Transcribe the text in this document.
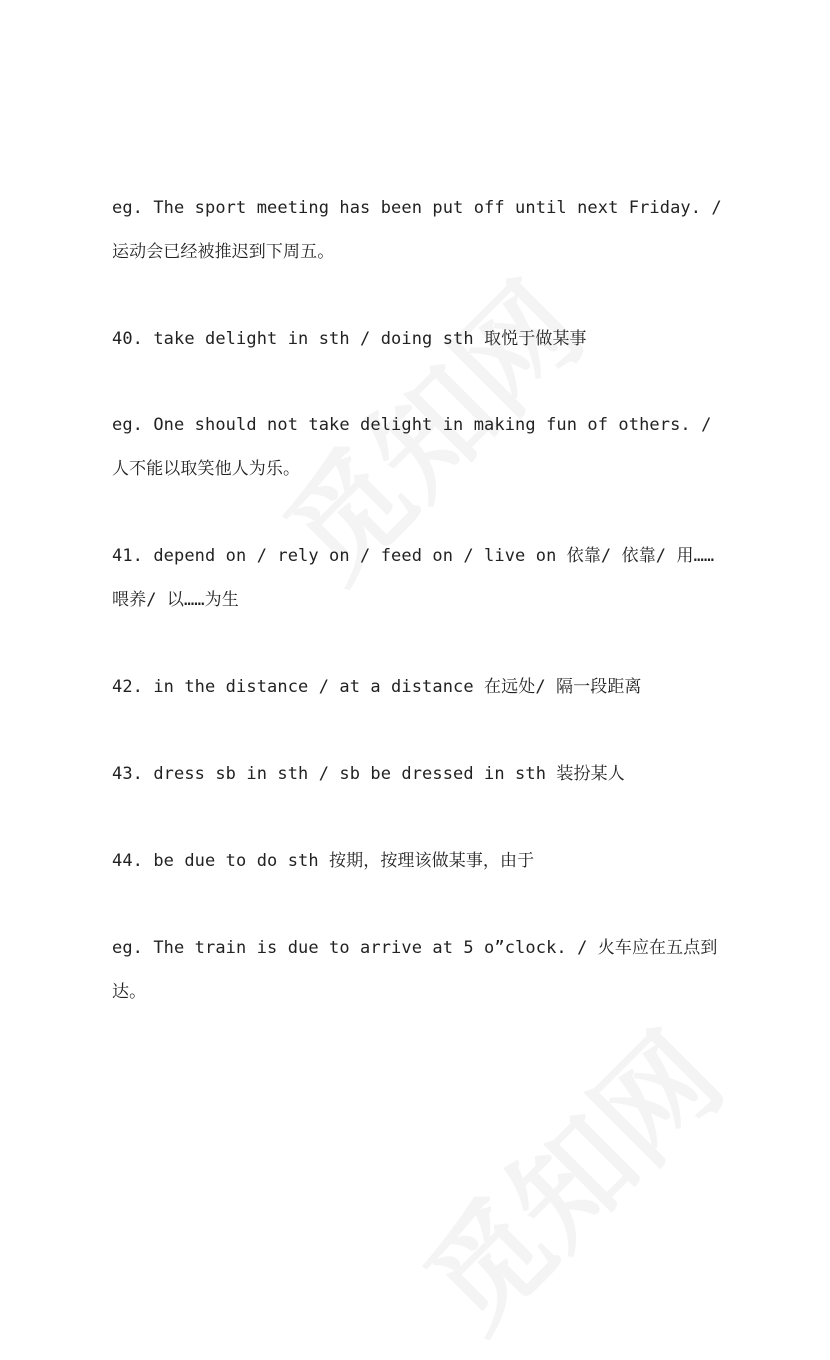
eg. The sport meeting has been put off until next Friday. / 运动会已经被推迟到下周五。
40. take delight in sth / doing sth 取悦于做某事
eg. One should not take delight in making fun of others. / 人不能以取笑他人为乐。
41. depend on / rely on / feed on / live on 依靠/ 依靠/ 用……喂养/ 以……为生
42. in the distance / at a distance 在远处/ 隔一段距离
43. dress sb in sth / sb be dressed in sth 装扮某人
44. be due to do sth 按期，按理该做某事，由于
eg. The train is due to arrive at 5 o”clock. / 火车应在五点到达。
